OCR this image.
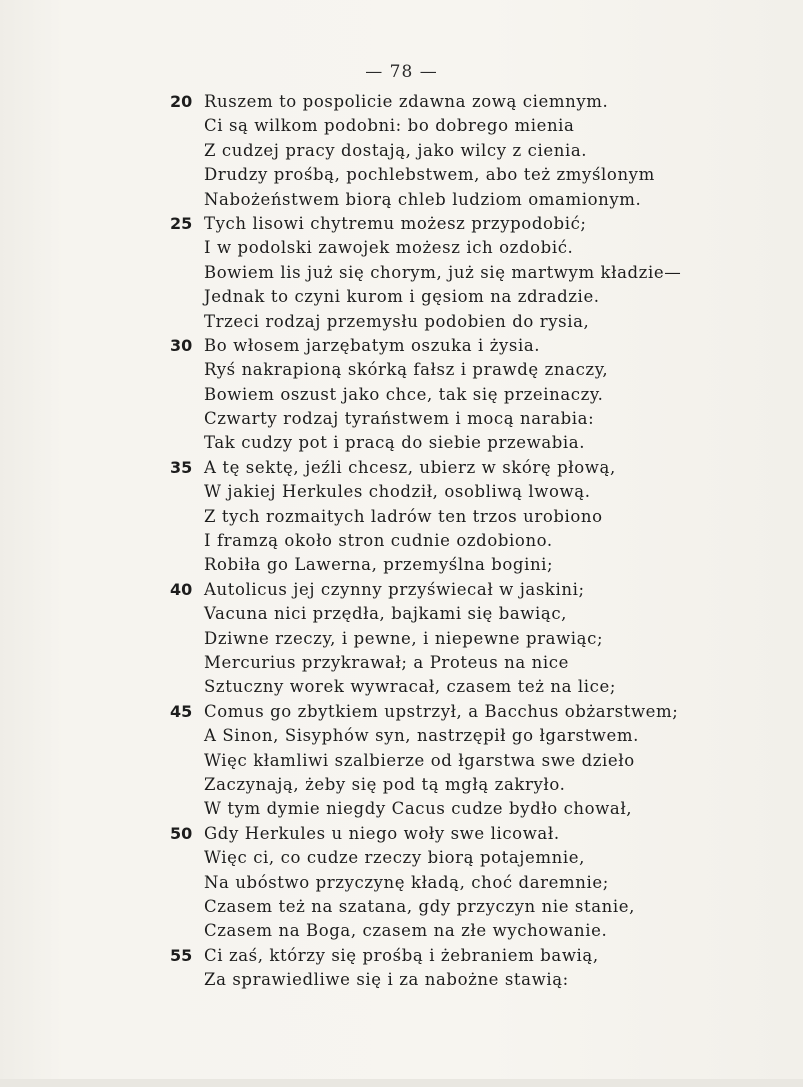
— 78 —
20 Ruszem to pospolicie zdawna zową ciemnym.
Ci są wilkom podobni: bo dobrego mienia
Z cudzej pracy dostają, jako wilcy z cienia.
Drudzy prośbą, pochlebstwem, abo też zmyślonym
Nabożeństwem biorą chleb ludziom omamionym.
25 Tych lisowi chytremu możesz przypodobić;
I w podolski zawojek możesz ich ozdobić.
Bowiem lis już się chorym, już się martwym kładzie—
Jednak to czyni kurom i gęsiom na zdradzie.
Trzeci rodzaj przemysłu podobien do rysia,
30 Bo włosem jarzębatym oszuka i żysia.
Ryś nakrapioną skórką fałsz i prawdę znaczy,
Bowiem oszust jako chce, tak się przeinaczy.
Czwarty rodzaj tyraństwem i mocą narabia:
Tak cudzy pot i pracą do siebie przewabia.
35 A tę sektę, jeźli chcesz, ubierz w skórę płową,
W jakiej Herkules chodził, osobliwą lwową.
Z tych rozmaitych ladrów ten trzos urobiono
I framzą około stron cudnie ozdobiono.
Robiła go Lawerna, przemyślna bogini;
40 Autolicus jej czynny przyświecał w jaskini;
Vacuna nici przędła, bajkami się bawiąc,
Dziwne rzeczy, i pewne, i niepewne prawiąc;
Mercurius przykrawał; a Proteus na nice
Sztuczny worek wywracał, czasem też na lice;
45 Comus go zbytkiem upstrzył, a Bacchus obżarstwem;
A Sinon, Sisyphów syn, nastrzępił go łgarstwem.
Więc kłamliwi szalbierze od łgarstwa swe dzieło
Zaczynają, żeby się pod tą mgłą zakryło.
W tym dymie niegdy Cacus cudze bydło chował,
50 Gdy Herkules u niego woły swe licował.
Więc ci, co cudze rzeczy biorą potajemnie,
Na ubóstwo przyczynę kładą, choć daremnie;
Czasem też na szatana, gdy przyczyn nie stanie,
Czasem na Boga, czasem na złe wychowanie.
55 Ci zaś, którzy się prośbą i żebraniem bawią,
Za sprawiedliwe się i za nabożne stawią:
